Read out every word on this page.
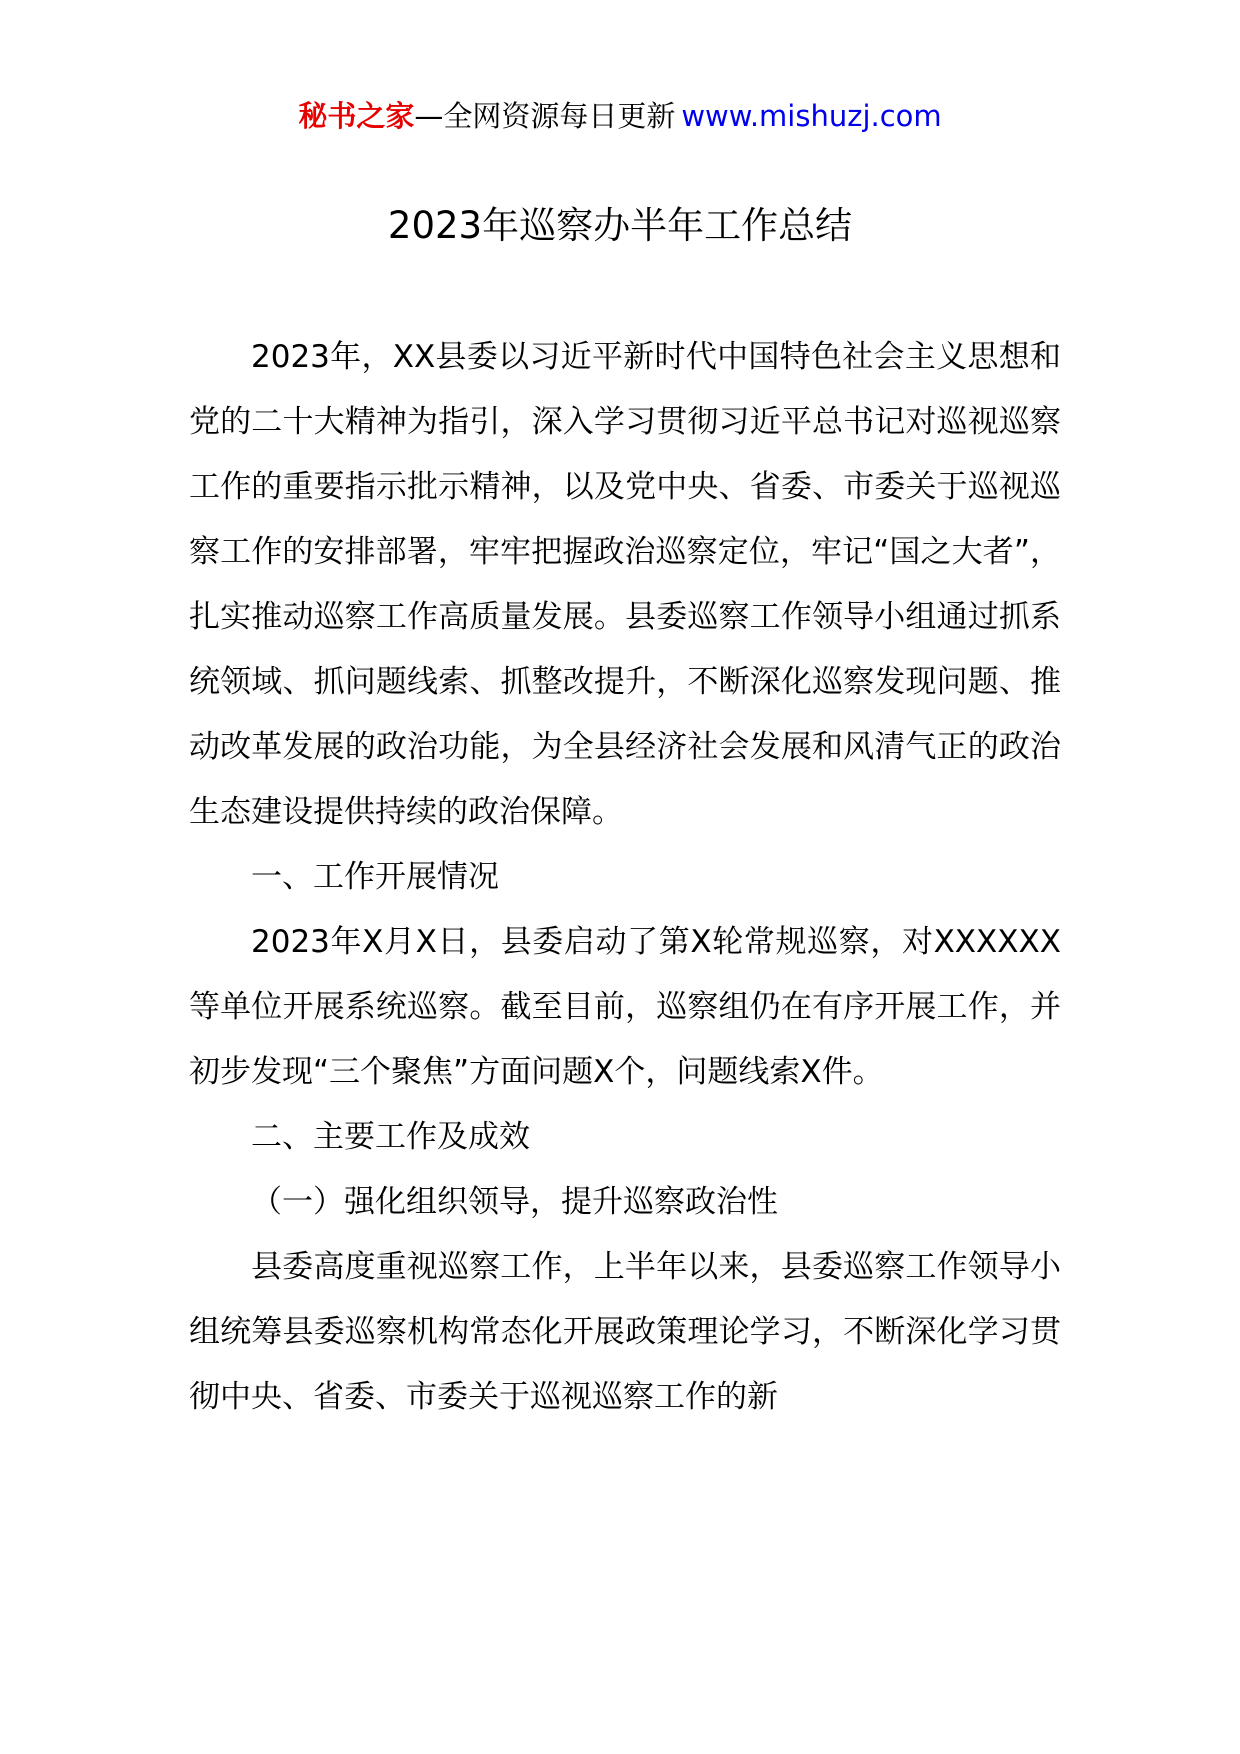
秘书之家—全网资源每日更新 www.mishuzj.com
2023年巡察办半年工作总结

2023年，XX县委以习近平新时代中国特色社会主义思想和党的二十大精神为指引，深入学习贯彻习近平总书记对巡视巡察工作的重要指示批示精神，以及党中央、省委、市委关于巡视巡察工作的安排部署，牢牢把握政治巡察定位，牢记“国之大者”，扎实推动巡察工作高质量发展。县委巡察工作领导小组通过抓系统领域、抓问题线索、抓整改提升，不断深化巡察发现问题、推动改革发展的政治功能，为全县经济社会发展和风清气正的政治生态建设提供持续的政治保障。

一、工作开展情况

2023年X月X日，县委启动了第X轮常规巡察，对XXXXXX等单位开展系统巡察。截至目前，巡察组仍在有序开展工作，并初步发现“三个聚焦”方面问题X个，问题线索X件。

二、主要工作及成效

（一）强化组织领导，提升巡察政治性

县委高度重视巡察工作，上半年以来，县委巡察工作领导小组统筹县委巡察机构常态化开展政策理论学习，不断深化学习贯彻中央、省委、市委关于巡视巡察工作的新
